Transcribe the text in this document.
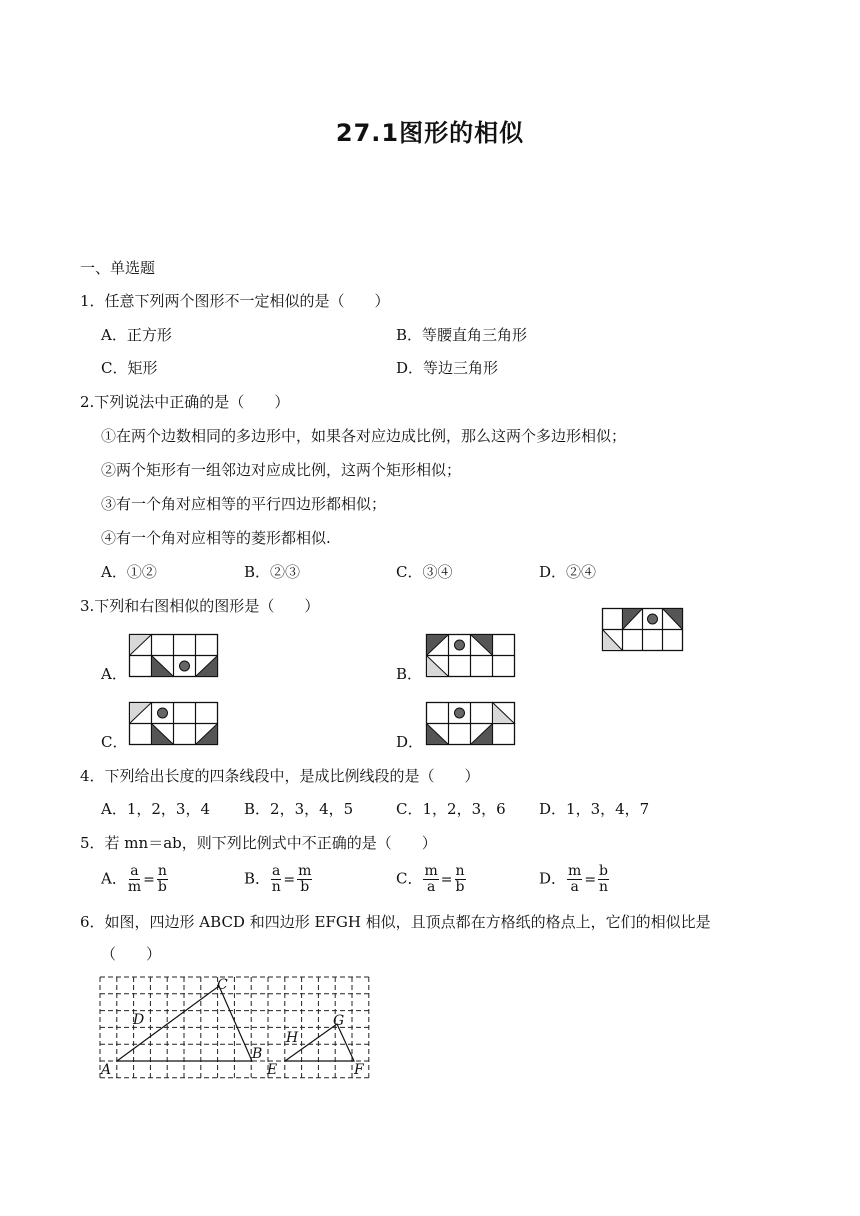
27.1图形的相似
一、单选题
1．任意下列两个图形不一定相似的是（　　）
A．正方形	B．等腰直角三角形
C．矩形	D．等边三角形
2.下列说法中正确的是（　　）
①在两个边数相同的多边形中，如果各对应边成比例，那么这两个多边形相似；
②两个矩形有一组邻边对应成比例，这两个矩形相似；
③有一个角对应相等的平行四边形都相似；
④有一个角对应相等的菱形都相似.
A．①②	B．②③	C．③④	D．②④
3.下列和右图相似的图形是（　　）
A．	B．
C．	D．
4．下列给出长度的四条线段中，是成比例线段的是（　　）
A．1，2，3，4 B．2，3，4，5	C．1，2，3，6 D．1，3，4，7
5．若 mn＝ab，则下列比例式中不正确的是（　　）
A． $\frac{a}{m} = \frac{n}{b}$	B． $\frac{a}{n} = \frac{m}{b}$	C． $\frac{m}{a} = \frac{n}{b}$	D． $\frac{m}{a} = \frac{b}{n}$
6．如图，四边形 ABCD 和四边形 EFGH 相似，且顶点都在方格纸的格点上，它们的相似比是
（　　）
A
B
C
D
E	F
G
H
